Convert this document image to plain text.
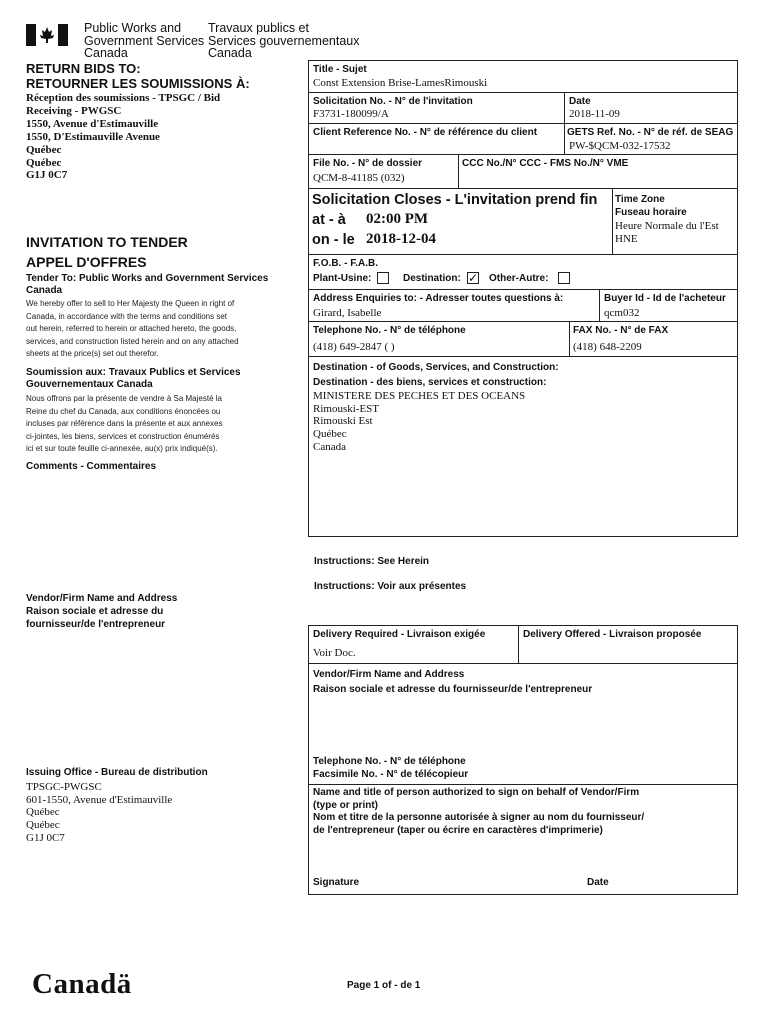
Public Works and
Government Services
Canada
Travaux publics et
Services gouvernementaux
Canada
RETURN BIDS TO:
RETOURNER LES SOUMISSIONS À:
Réception des soumissions - TPSGC / Bid
Receiving - PWGSC
1550, Avenue d'Estimauville
1550, D'Estimauville Avenue
Québec
Québec
G1J 0C7
INVITATION TO TENDER
APPEL D'OFFRES
Tender To: Public Works and Government Services
Canada
We hereby offer to sell to Her Majesty the Queen in right of
Canada, in accordance with the terms and conditions set
out herein, referred to herein or attached hereto, the goods,
services, and construction listed herein and on any attached
sheets at the price(s) set out therefor.
Soumission aux: Travaux Publics et Services
Gouvernementaux Canada
Nous offrons par la présente de vendre à Sa Majesté la
Reine du chef du Canada, aux conditions énoncées ou
incluses par référence dans la présente et aux annexes
ci-jointes, les biens, services et construction énumérés
ici et sur toute feuille ci-annexée, au(x) prix indiqué(s).
Comments - Commentaires
Vendor/Firm Name and Address
Raison sociale et adresse du
fournisseur/de l'entrepreneur
Issuing Office - Bureau de distribution
TPSGC-PWGSC
601-1550, Avenue d'Estimauville
Québec
Québec
G1J 0C7
Title - Sujet
Const Extension Brise-LamesRimouski
Solicitation No. - N° de l'invitation
F3731-180099/A
Date
2018-11-09
Client Reference No. - N° de référence du client	GETS Ref. No. - N° de réf. de SEAG
PW-$QCM-032-17532
File No. - N° de dossier
QCM-8-41185 (032)
CCC No./N° CCC - FMS No./N° VME
Solicitation Closes - L'invitation prend fin
at - à 02:00 PM
on - le 2018-12-04
Time Zone
Fuseau horaire
Heure Normale du l'Est
HNE
F.O.B. - F.A.B.
Plant-Usine:	Destination: ✓ Other-Autre:
Address Enquiries to: - Adresser toutes questions à:
Girard, Isabelle
Buyer Id - Id de l'acheteur
qcm032
Telephone No. - N° de téléphone
(418) 649-2847 ( )
FAX No. - N° de FAX
(418) 648-2209
Destination - of Goods, Services, and Construction:
Destination - des biens, services et construction:
MINISTERE DES PECHES ET DES OCEANS
Rimouski-EST
Rimouski Est
Québec
Canada
Instructions: See Herein
Instructions: Voir aux présentes
Delivery Required - Livraison exigée
Voir Doc.
Delivery Offered - Livraison proposée
Vendor/Firm Name and Address
Raison sociale et adresse du fournisseur/de l'entrepreneur
Telephone No. - N° de téléphone
Facsimile No. - N° de télécopieur
Name and title of person authorized to sign on behalf of Vendor/Firm
(type or print)
Nom et titre de la personne autorisée à signer au nom du fournisseur/
de l'entrepreneur (taper ou écrire en caractères d'imprimerie)
Signature	Date
Canadä	Page 1 of - de 1
